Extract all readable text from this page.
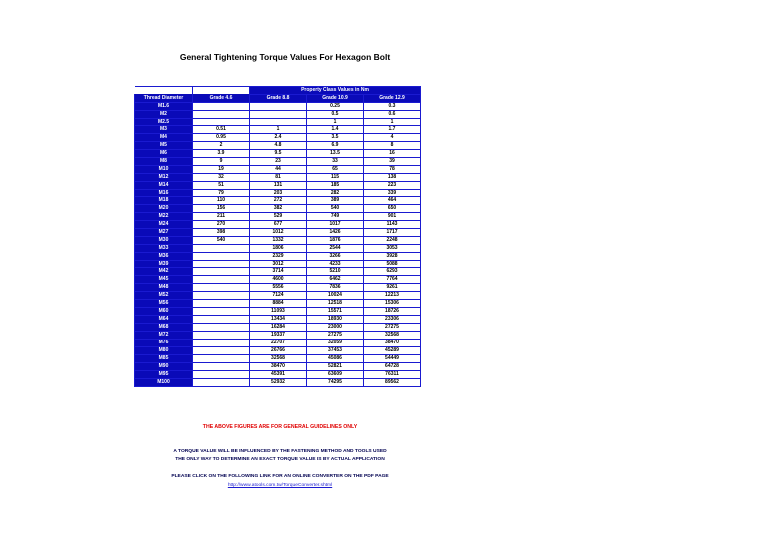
General Tightening Torque Values For Hexagon Bolt
		Property Class Values in Nm		
Thread Diameter	Grade 4.6	Grade 8.8	Grade 10.9	Grade 12.9
M1.6			0.25	0.3
M2			0.5	0.6
M2.5			1	1
M3	0.51	1	1.4	1.7
M4	0.95	2.4	3.5	4
M5	2	4.8	6.9	8
M6	3.9	9.5	13.5	16
M8	9	23	33	39
M10	19	44	65	78
M12	32	81	115	138
M14	51	131	185	223
M16	79	203	282	339
M18	110	272	389	464
M20	156	382	540	650
M22	211	529	749	901
M24	270	677	1017	1143
M27	398	1012	1426	1717
M30	540	1332	1876	2248
M33		1806	2544	3053
M36		2329	3266	3928
M39		3012	4233	5088
M42		3714	5210	6293
M45		4600	6462	7764
M48		5556	7836	9261
M52		7124	10024	12213
M56		8884	12518	15306
M60		11093	15571	18726
M64		13434	18930	23306
M68		16284	23000	27275
M72		19337	27275	32568
M76		22707	32059	38470
M80		26766	37453	45289
M85		32568	45086	54449
M90		38470	52821	64728
M95		45391	63609	76311
M100		52932	74295	89562
THE ABOVE FIGURES ARE FOR GENERAL GUIDELINES ONLY
A TORQUE VALUE WILL BE INFLUENCED BY THE FASTENING METHOD AND TOOLS USED
THE ONLY WAY TO DETERMINE AN EXACT TORQUE VALUE IS BY ACTUAL APPLICATION
PLEASE CLICK ON THE FOLLOWING LINK FOR AN ONLINE CONVERTER ON THE PDF PAGE
http://www.atools.com.tw/TorqueConverter.shtml
